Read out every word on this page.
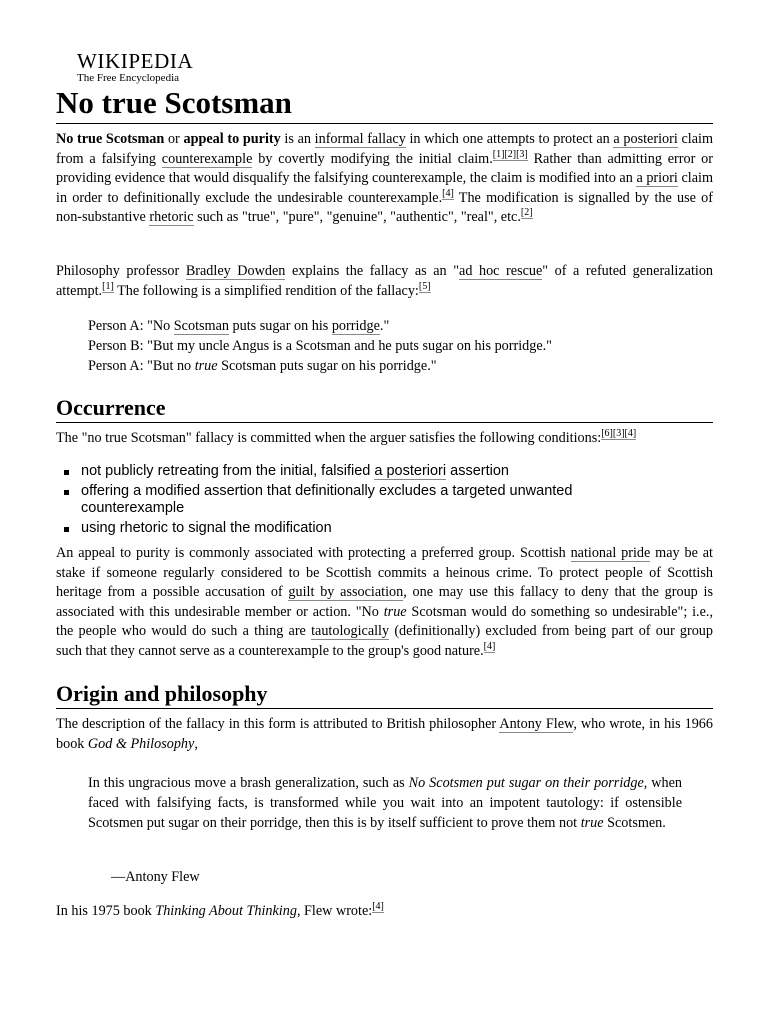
WIKIPEDIA
The Free Encyclopedia
No true Scotsman

No true Scotsman or appeal to purity is an informal fallacy in which one attempts to protect an a posteriori claim from a falsifying counterexample by covertly modifying the initial claim.[1][2][3] Rather than admitting error or providing evidence that would disqualify the falsifying counterexample, the claim is modified into an a priori claim in order to definitionally exclude the undesirable counterexample.[4] The modification is signalled by the use of non-substantive rhetoric such as "true", "pure", "genuine", "authentic", "real", etc.[2]

Philosophy professor Bradley Dowden explains the fallacy as an "ad hoc rescue" of a refuted generalization attempt.[1] The following is a simplified rendition of the fallacy:[5]

Person A: "No Scotsman puts sugar on his porridge."
Person B: "But my uncle Angus is a Scotsman and he puts sugar on his porridge."
Person A: "But no true Scotsman puts sugar on his porridge."
Occurrence

The "no true Scotsman" fallacy is committed when the arguer satisfies the following conditions:[6][3][4]

not publicly retreating from the initial, falsified a posteriori assertion
offering a modified assertion that definitionally excludes a targeted unwanted counterexample
using rhetoric to signal the modification

An appeal to purity is commonly associated with protecting a preferred group. Scottish national pride may be at stake if someone regularly considered to be Scottish commits a heinous crime. To protect people of Scottish heritage from a possible accusation of guilt by association, one may use this fallacy to deny that the group is associated with this undesirable member or action. "No true Scotsman would do something so undesirable"; i.e., the people who would do such a thing are tautologically (definitionally) excluded from being part of our group such that they cannot serve as a counterexample to the group's good nature.[4]

Origin and philosophy

The description of the fallacy in this form is attributed to British philosopher Antony Flew, who wrote, in his 1966 book God & Philosophy,

In this ungracious move a brash generalization, such as No Scotsmen put sugar on their porridge, when faced with falsifying facts, is transformed while you wait into an impotent tautology: if ostensible Scotsmen put sugar on their porridge, then this is by itself sufficient to prove them not true Scotsmen.
—Antony Flew

In his 1975 book Thinking About Thinking, Flew wrote:[4]
